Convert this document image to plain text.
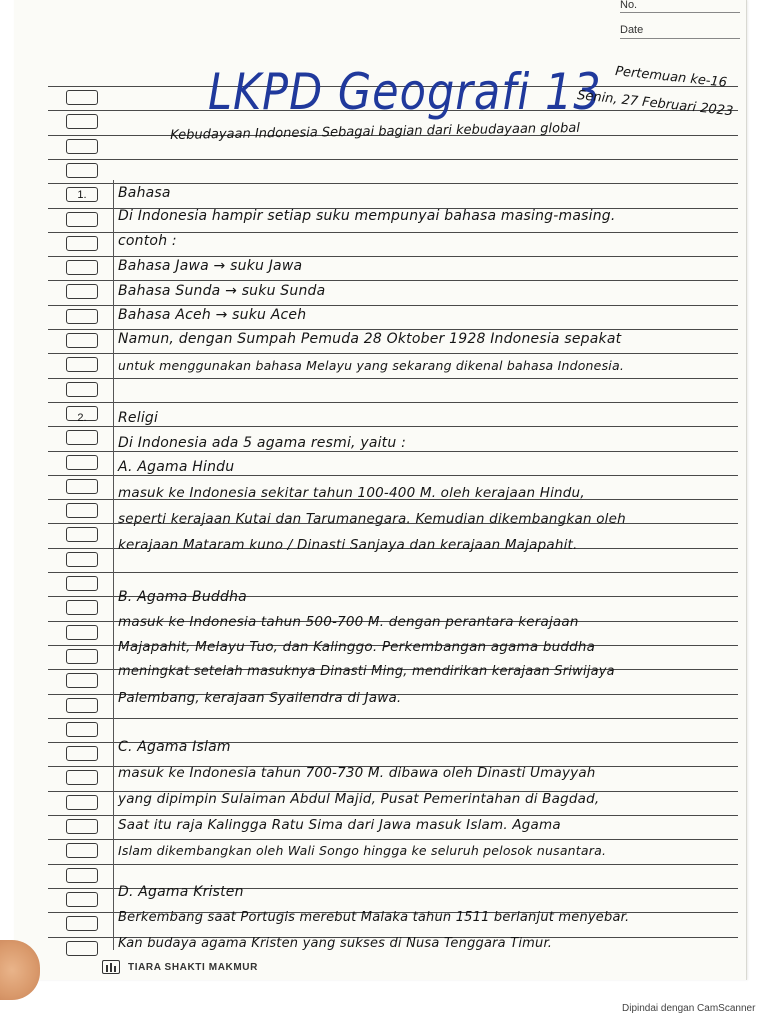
No.
Date
LKPD Geografi 13 Pertemuan ke-16
Senin, 27 Februari 2023
Kebudayaan Indonesia Sebagai bagian dari kebudayaan global
1.
2.
Bahasa
Di Indonesia hampir setiap suku mempunyai bahasa masing-masing.
contoh :
Bahasa Jawa → suku Jawa
Bahasa Sunda → suku Sunda
Bahasa Aceh → suku Aceh
Namun, dengan Sumpah Pemuda 28 Oktober 1928 Indonesia sepakat
untuk menggunakan bahasa Melayu yang sekarang dikenal bahasa Indonesia.
Religi
Di Indonesia ada 5 agama resmi, yaitu :
A. Agama Hindu
masuk ke Indonesia sekitar tahun 100-400 M. oleh kerajaan Hindu,
seperti kerajaan Kutai dan Tarumanegara. Kemudian dikembangkan oleh
kerajaan Mataram kuno / Dinasti Sanjaya dan kerajaan Majapahit.
B. Agama Buddha
masuk ke Indonesia tahun 500-700 M. dengan perantara kerajaan
Majapahit, Melayu Tuo, dan Kalinggo. Perkembangan agama buddha
meningkat setelah masuknya Dinasti Ming, mendirikan kerajaan Sriwijaya
Palembang, kerajaan Syailendra di Jawa.
C. Agama Islam
masuk ke Indonesia tahun 700-730 M. dibawa oleh Dinasti Umayyah
yang dipimpin Sulaiman Abdul Majid, Pusat Pemerintahan di Bagdad,
Saat itu raja Kalingga Ratu Sima dari Jawa masuk Islam. Agama
Islam dikembangkan oleh Wali Songo hingga ke seluruh pelosok nusantara.
D. Agama Kristen
Berkembang saat Portugis merebut Malaka tahun 1511 berlanjut menyebar.
Kan budaya agama Kristen yang sukses di Nusa Tenggara Timur.
TIARA SHAKTI MAKMUR
Dipindai dengan CamScanner
